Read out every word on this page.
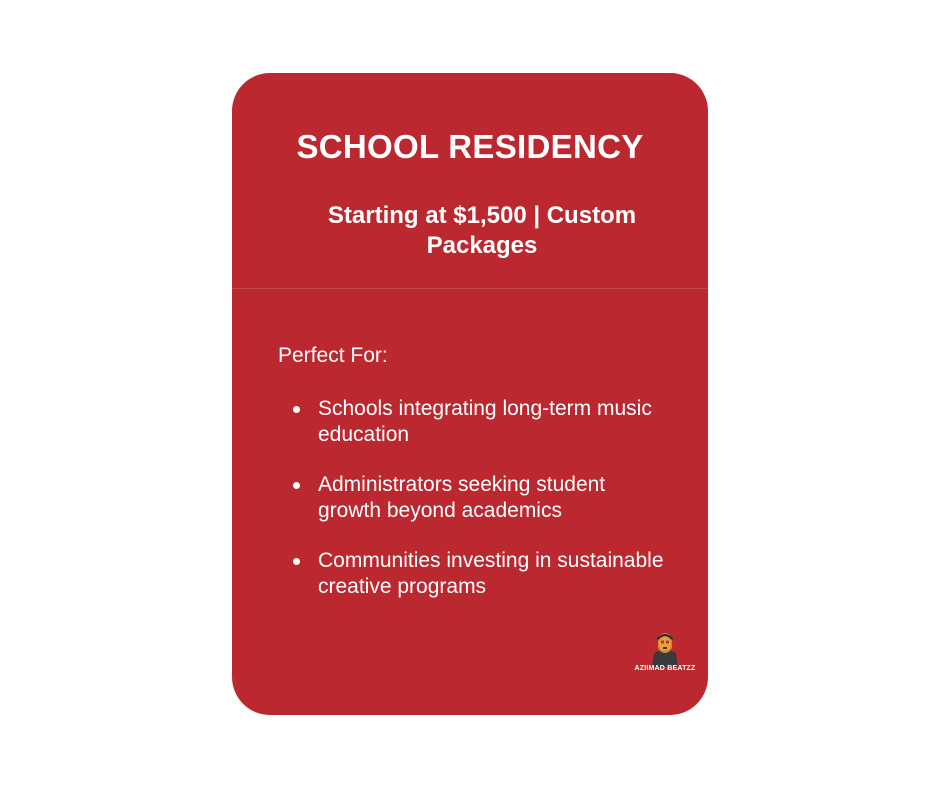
SCHOOL RESIDENCY
Starting at $1,500 | Custom Packages

Perfect For:

Schools integrating long-term music education
Administrators seeking student growth beyond academics
Communities investing in sustainable creative programs
AZIIMAD BEATZZ
